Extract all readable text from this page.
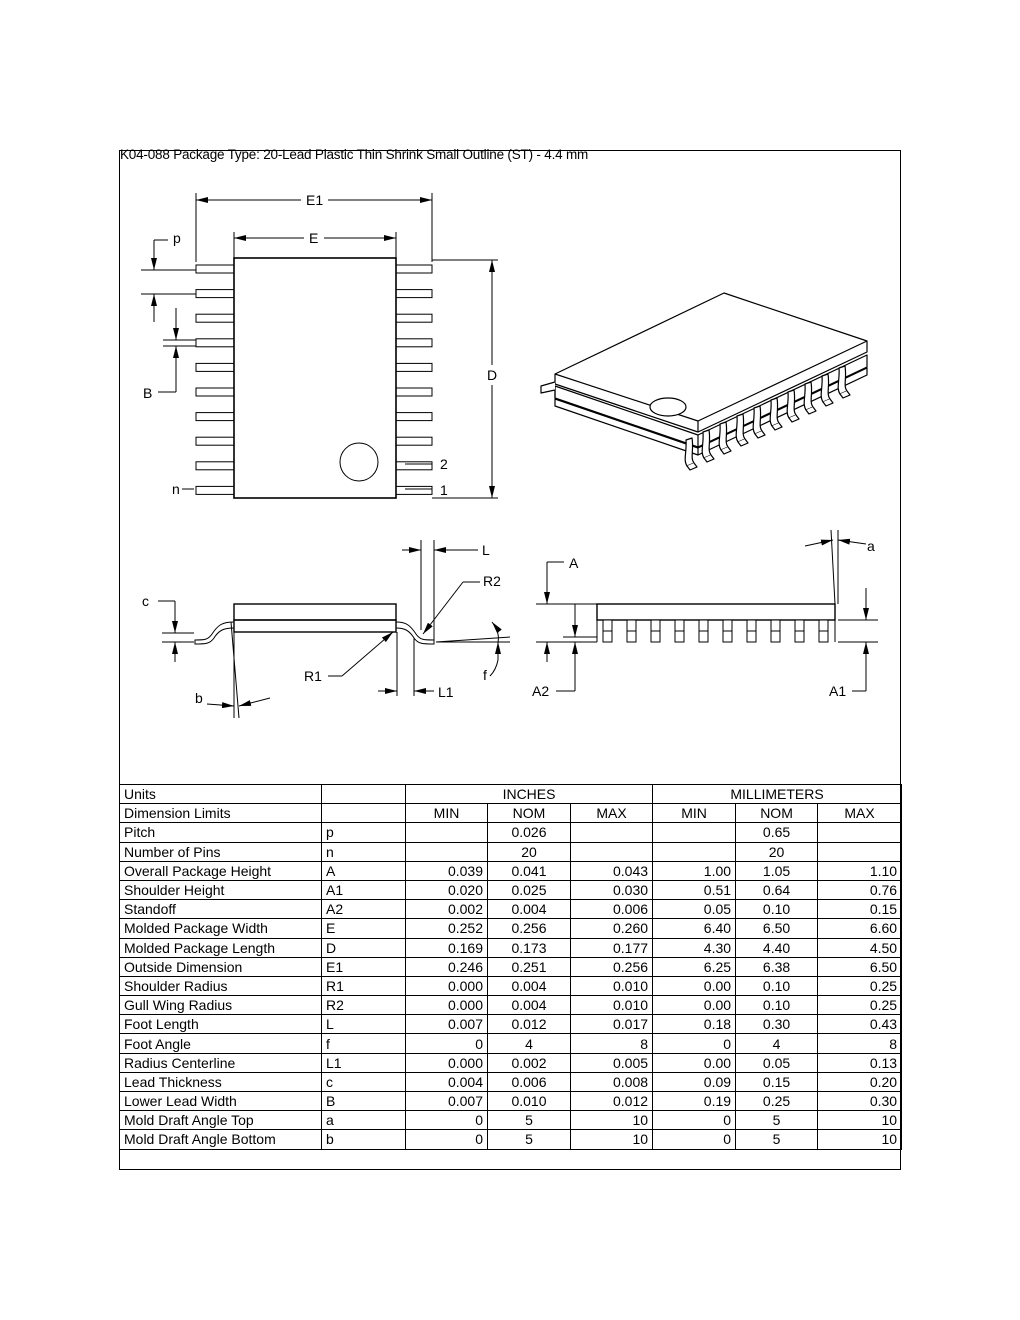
K04-088 Package Type: 20-Lead Plastic Thin Shrink Small Outline (ST) - 4.4 mm
E1
p	E
D
B
n
2
1
L
R2
c
R1	f
L1
b
A
a
A2	A1
Units		INCHES			MILLIMETERS		
Dimension Limits		MIN	NOM	MAX	MIN	NOM	MAX
Pitch	p		0.026			0.65	
Number of Pins	n		20			20	
Overall Package Height	A	0.039	0.041	0.043	1.00	1.05	1.10
Shoulder Height	A1	0.020	0.025	0.030	0.51	0.64	0.76
Standoff	A2	0.002	0.004	0.006	0.05	0.10	0.15
Molded Package Width	E	0.252	0.256	0.260	6.40	6.50	6.60
Molded Package Length	D	0.169	0.173	0.177	4.30	4.40	4.50
Outside Dimension	E1	0.246	0.251	0.256	6.25	6.38	6.50
Shoulder Radius	R1	0.000	0.004	0.010	0.00	0.10	0.25
Gull Wing Radius	R2	0.000	0.004	0.010	0.00	0.10	0.25
Foot Length	L	0.007	0.012	0.017	0.18	0.30	0.43
Foot Angle	f	0	4	8	0	4	8
Radius Centerline	L1	0.000	0.002	0.005	0.00	0.05	0.13
Lead Thickness	c	0.004	0.006	0.008	0.09	0.15	0.20
Lower Lead Width	B	0.007	0.010	0.012	0.19	0.25	0.30
Mold Draft Angle Top	a	0	5	10	0	5	10
Mold Draft Angle Bottom	b	0	5	10	0	5	10
